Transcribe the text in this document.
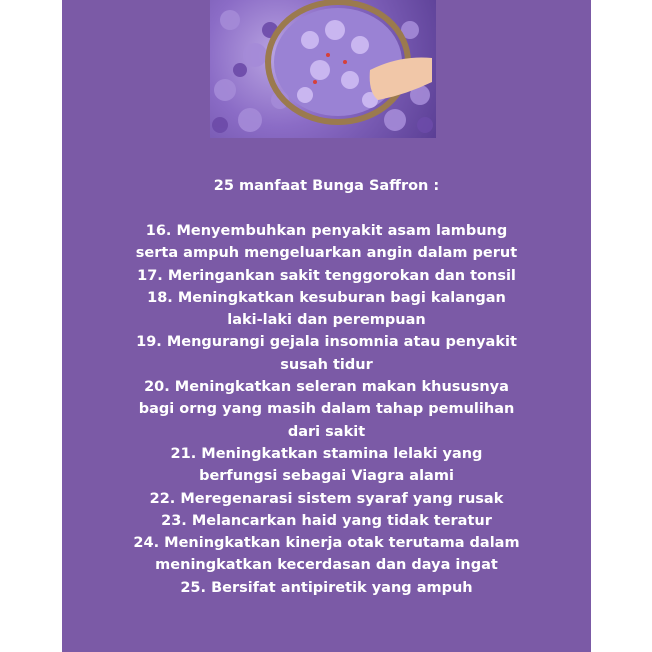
25 manfaat Bunga Saffron :
16. Menyembuhkan penyakit asam lambung
serta ampuh mengeluarkan angin dalam perut
17. Meringankan sakit tenggorokan dan tonsil
18. Meningkatkan kesuburan bagi kalangan
laki-laki dan perempuan
19. Mengurangi gejala insomnia atau penyakit
susah tidur
20. Meningkatkan seleran makan khususnya
bagi orng yang masih dalam tahap pemulihan
dari sakit
21. Meningkatkan stamina lelaki yang
berfungsi sebagai Viagra alami
22. Meregenarasi sistem syaraf yang rusak
23. Melancarkan haid yang tidak teratur
24. Meningkatkan kinerja otak terutama dalam
meningkatkan kecerdasan dan daya ingat
25. Bersifat antipiretik yang ampuh
